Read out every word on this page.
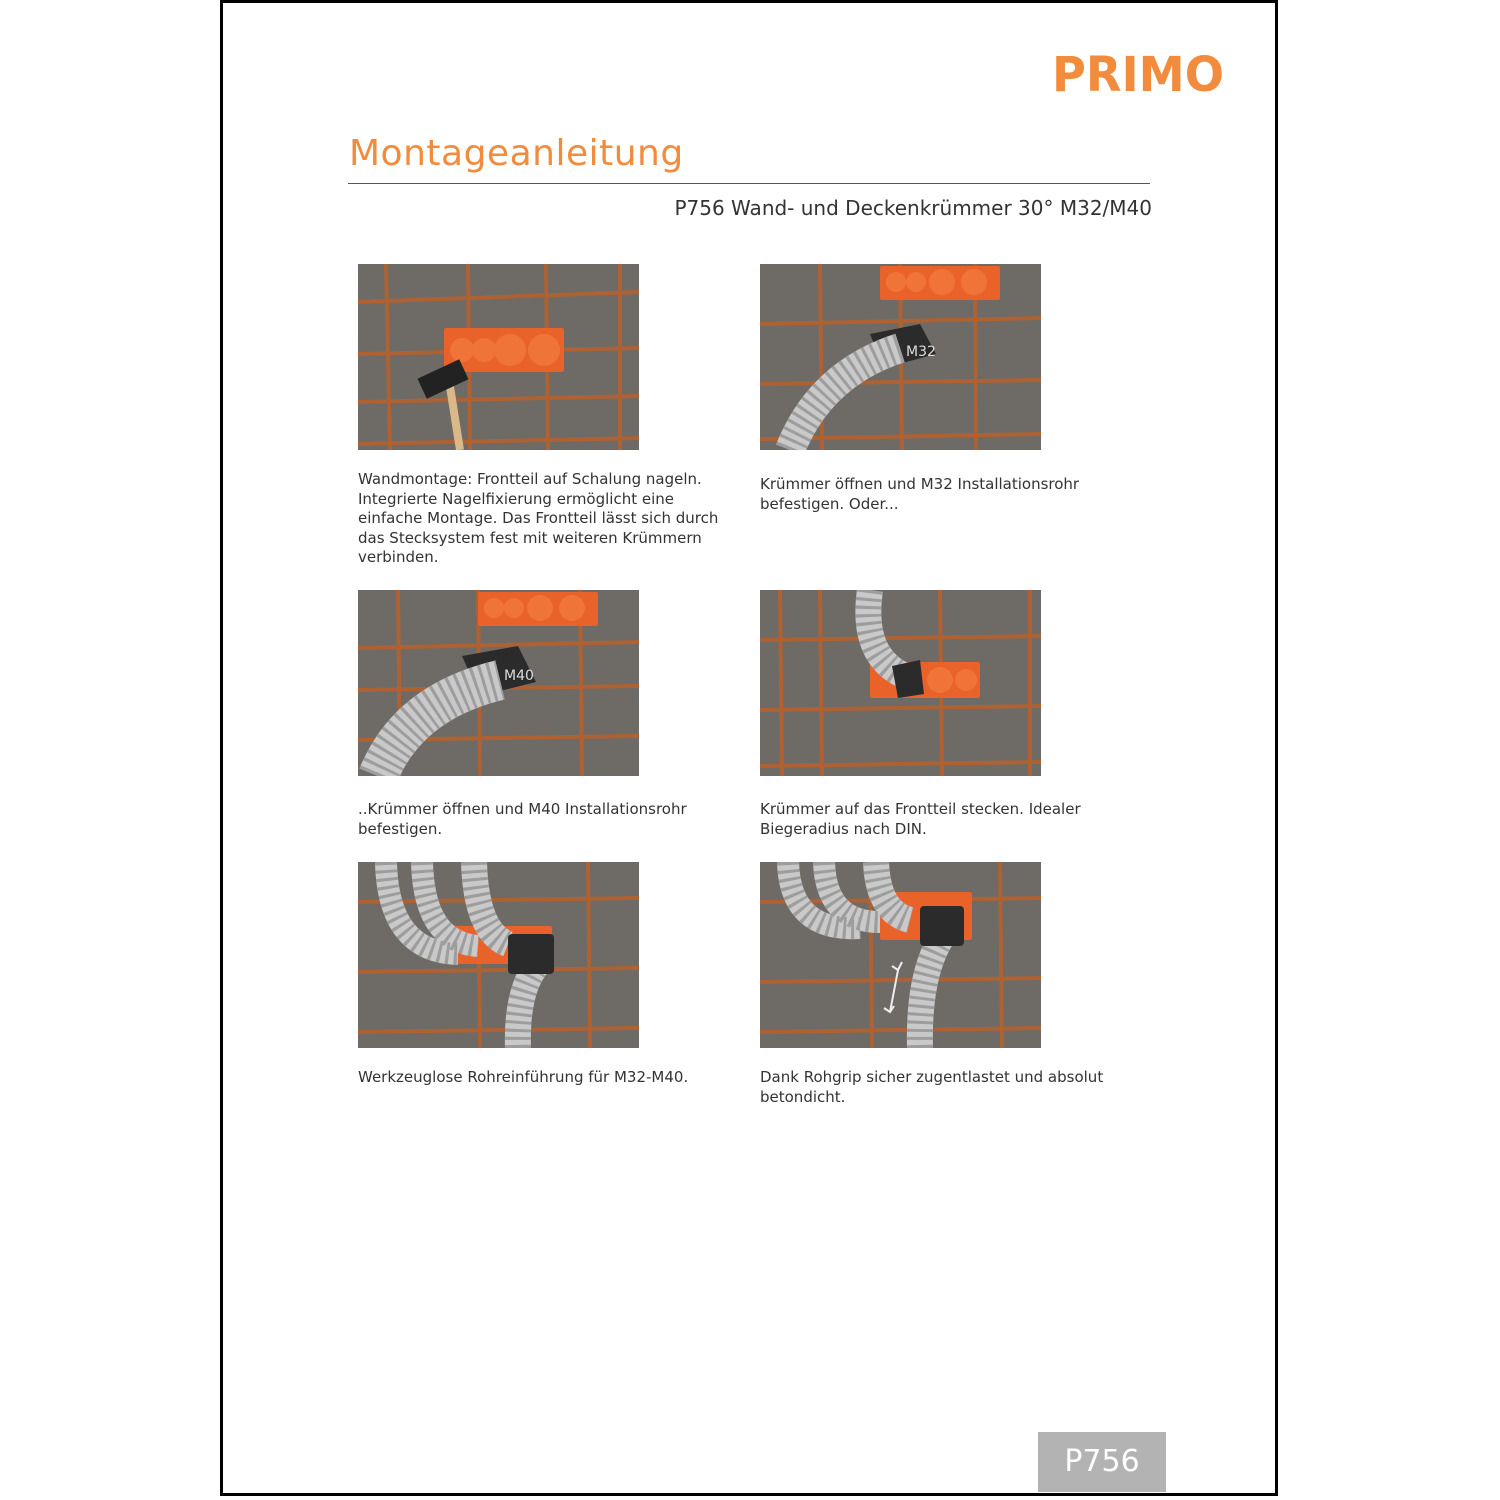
PRIMO
Montageanleitung
P756 Wand- und Deckenkrümmer 30° M32/M40
Wandmontage: Frontteil auf Schalung nageln. Integrierte Nagelfixierung ermöglicht eine einfache Montage. Das Frontteil lässt sich durch das Stecksystem fest mit weiteren Krümmern verbinden.
M32
Krümmer öffnen und M32 Installationsrohr befestigen. Oder...
M40
..Krümmer öffnen und M40 Installationsrohr befestigen.
Krümmer auf das Frontteil stecken. Idealer Biegeradius nach DIN.
Werkzeuglose Rohreinführung für M32-M40.	Dank Rohgrip sicher zugentlastet und absolut betondicht.
P756
